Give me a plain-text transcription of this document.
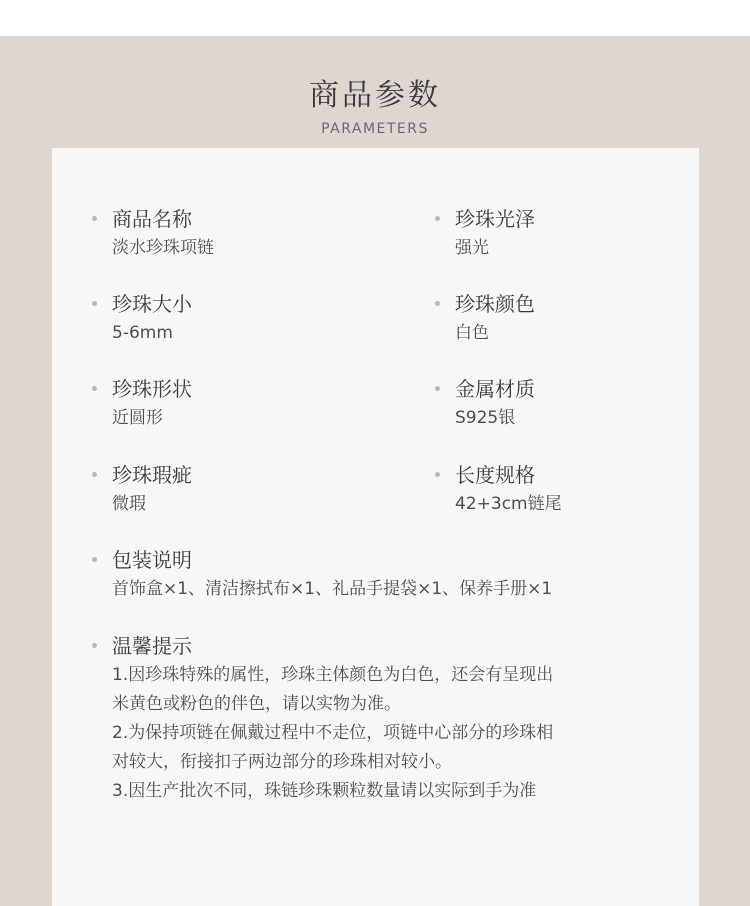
商品参数
PARAMETERS
商品名称
淡水珍珠项链
珍珠光泽
强光
珍珠大小
5-6mm
珍珠颜色
白色
珍珠形状
近圆形
金属材质
S925银
珍珠瑕疵
微瑕
长度规格
42+3cm链尾
包装说明
首饰盒×1、清洁擦拭布×1、礼品手提袋×1、保养手册×1
温馨提示
1.因珍珠特殊的属性，珍珠主体颜色为白色，还会有呈现出
米黄色或粉色的伴色，请以实物为准。
2.为保持项链在佩戴过程中不走位，项链中心部分的珍珠相
对较大，衔接扣子两边部分的珍珠相对较小。
3.因生产批次不同，珠链珍珠颗粒数量请以实际到手为准
